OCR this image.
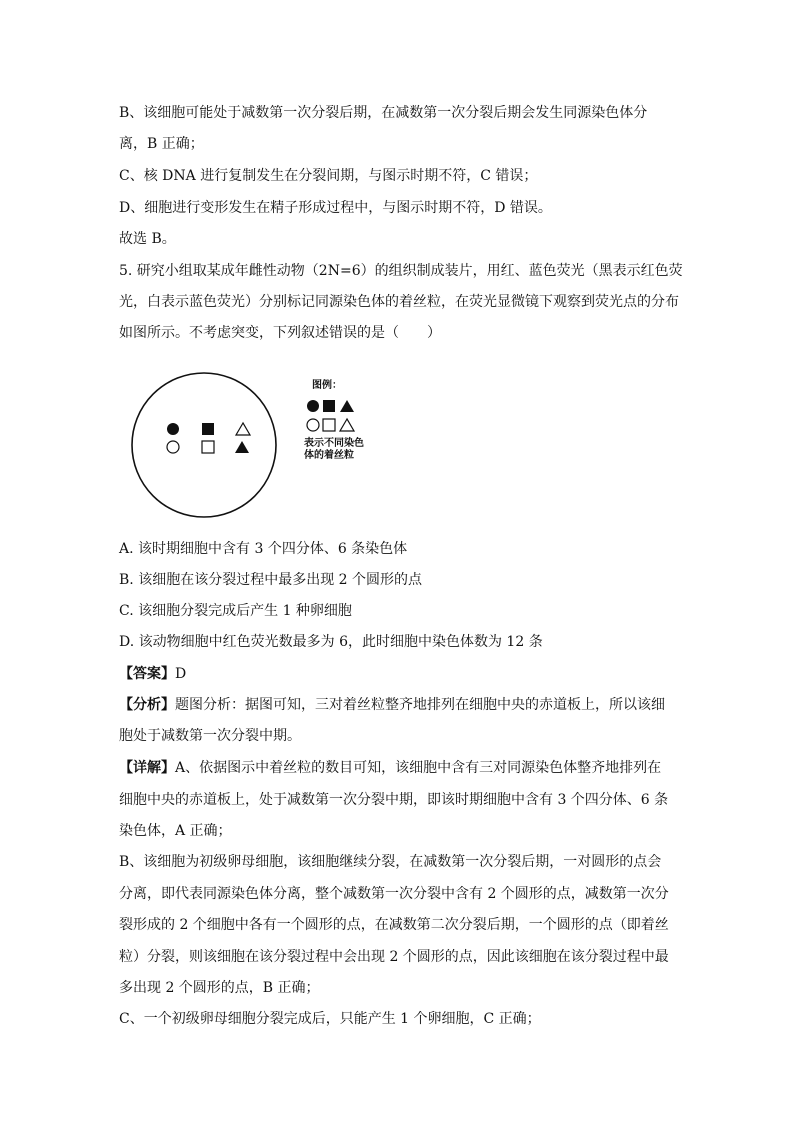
B、该细胞可能处于减数第一次分裂后期，在减数第一次分裂后期会发生同源染色体分
离，B 正确；
C、核 DNA 进行复制发生在分裂间期，与图示时期不符，C 错误；
D、细胞进行变形发生在精子形成过程中，与图示时期不符，D 错误。
故选 B。
5. 研究小组取某成年雌性动物（2N=6）的组织制成装片，用红、蓝色荧光（黑表示红色荧
光，白表示蓝色荧光）分别标记同源染色体的着丝粒，在荧光显微镜下观察到荧光点的分布
如图所示。不考虑突变，下列叙述错误的是（　　）
图例：
表示不同染色
体的着丝粒
A. 该时期细胞中含有 3 个四分体、6 条染色体
B. 该细胞在该分裂过程中最多出现 2 个圆形的点
C. 该细胞分裂完成后产生 1 种卵细胞
D. 该动物细胞中红色荧光数最多为 6，此时细胞中染色体数为 12 条
【答案】D
【分析】题图分析：据图可知，三对着丝粒整齐地排列在细胞中央的赤道板上，所以该细
胞处于减数第一次分裂中期。
【详解】A、依据图示中着丝粒的数目可知，该细胞中含有三对同源染色体整齐地排列在
细胞中央的赤道板上，处于减数第一次分裂中期，即该时期细胞中含有 3 个四分体、6 条
染色体，A 正确；
B、该细胞为初级卵母细胞，该细胞继续分裂，在减数第一次分裂后期，一对圆形的点会
分离，即代表同源染色体分离，整个减数第一次分裂中含有 2 个圆形的点，减数第一次分
裂形成的 2 个细胞中各有一个圆形的点，在减数第二次分裂后期，一个圆形的点（即着丝
粒）分裂，则该细胞在该分裂过程中会出现 2 个圆形的点，因此该细胞在该分裂过程中最
多出现 2 个圆形的点，B 正确；
C、一个初级卵母细胞分裂完成后，只能产生 1 个卵细胞，C 正确；
